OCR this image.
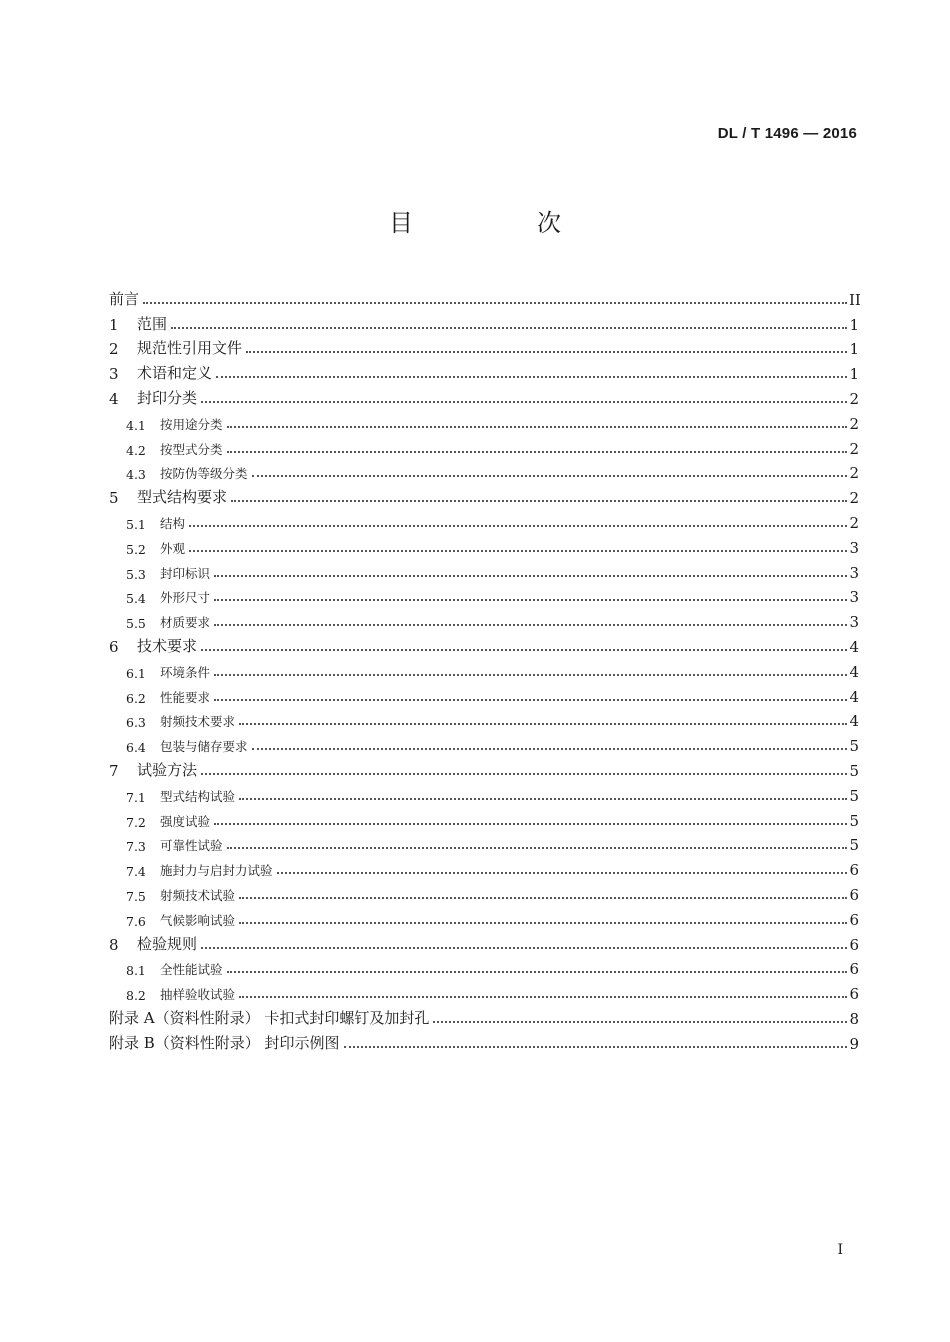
DL / T 1496 — 2016
目　次
前言	II
1	范围	1
2	规范性引用文件	1
3	术语和定义	1
4	封印分类	2
4.1	按用途分类	2
4.2	按型式分类	2
4.3	按防伪等级分类	2
5	型式结构要求	2
5.1	结构	2
5.2	外观	3
5.3	封印标识	3
5.4	外形尺寸	3
5.5	材质要求	3
6	技术要求	4
6.1	环境条件	4
6.2	性能要求	4
6.3	射频技术要求	4
6.4	包装与储存要求	5
7	试验方法	5
7.1	型式结构试验	5
7.2	强度试验	5
7.3	可靠性试验	5
7.4	施封力与启封力试验	6
7.5	射频技术试验	6
7.6	气候影响试验	6
8	检验规则	6
8.1	全性能试验	6
8.2	抽样验收试验	6
附录 A（资料性附录） 卡扣式封印螺钉及加封孔	8
附录 B（资料性附录） 封印示例图	9
I
